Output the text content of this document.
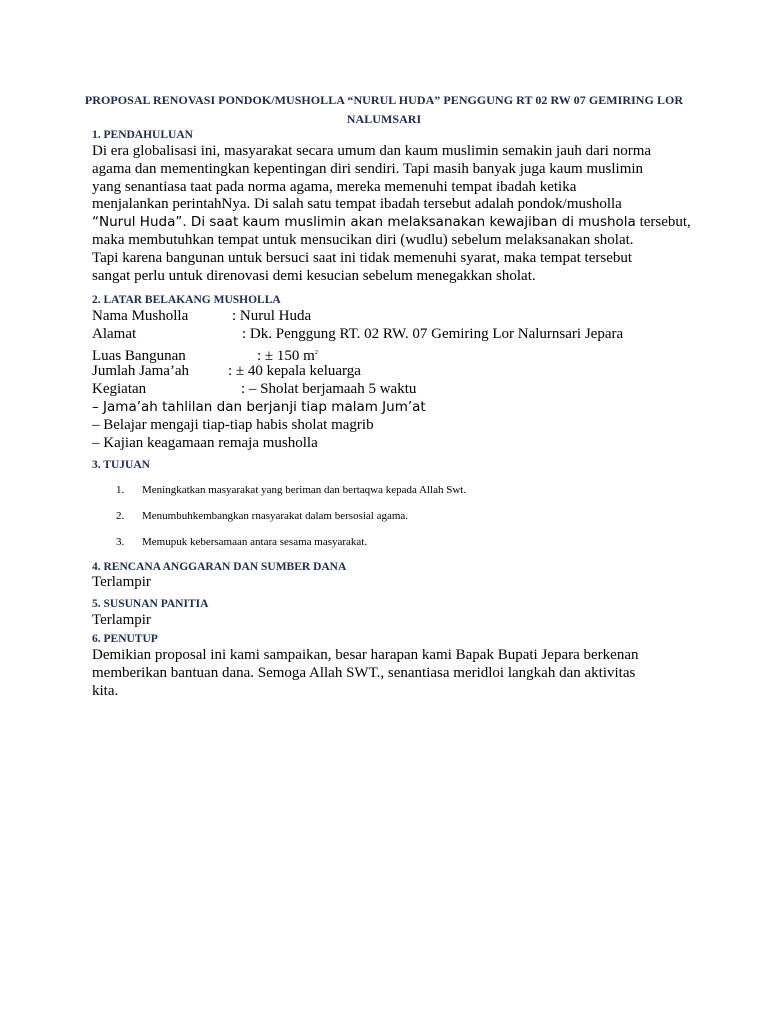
PROPOSAL RENOVASI PONDOK/MUSHOLLA “NURUL HUDA” PENGGUNG RT 02 RW 07 GEMIRING LOR
NALUMSARI
1. PENDAHULUAN
Di era globalisasi ini, masyarakat secara umum dan kaum muslimin semakin jauh dari norma
agama dan mementingkan kepentingan diri sendiri. Tapi masih banyak juga kaum muslimin
yang senantiasa taat pada norma agama, mereka memenuhi tempat ibadah ketika
menjalankan perintahNya. Di salah satu tempat ibadah tersebut adalah pondok/musholla
“Nurul Huda”. Di saat kaum muslimin akan melaksanakan kewajiban di mushola tersebut,
maka membutuhkan tempat untuk mensucikan diri (wudlu) sebelum melaksanakan sholat.
Tapi karena bangunan untuk bersuci saat ini tidak memenuhi syarat, maka tempat tersebut
sangat perlu untuk direnovasi demi kesucian sebelum menegakkan sholat.
2. LATAR BELAKANG MUSHOLLA
Nama Musholla	: Nurul Huda
Alamat	: Dk. Penggung RT. 02 RW. 07 Gemiring Lor Nalurnsari Jepara
Luas Bangunan	: ± 150 $m^2$
Jumlah Jama’ah	: ± 40 kepala keluarga
Kegiatan	: – Sholat berjamaah 5 waktu
– Jama’ah tahlilan dan berjanji tiap malam Jum’at
– Belajar mengaji tiap-tiap habis sholat magrib
– Kajian keagamaan remaja musholla
3. TUJUAN
1. Meningkatkan masyarakat yang beriman dan bertaqwa kepada Allah Swt.
2. Menumbuhkembangkan rnasyarakat dalam bersosial agama.
3. Memupuk kebersamaan antara sesama masyarakat.
4. RENCANA ANGGARAN DAN SUMBER DANA
Terlampir
5. SUSUNAN PANITIA
Terlampir
6. PENUTUP
Demikian proposal ini kami sampaikan, besar harapan kami Bapak Bupati Jepara berkenan
memberikan bantuan dana. Semoga Allah SWT., senantiasa meridloi langkah dan aktivitas
kita.
